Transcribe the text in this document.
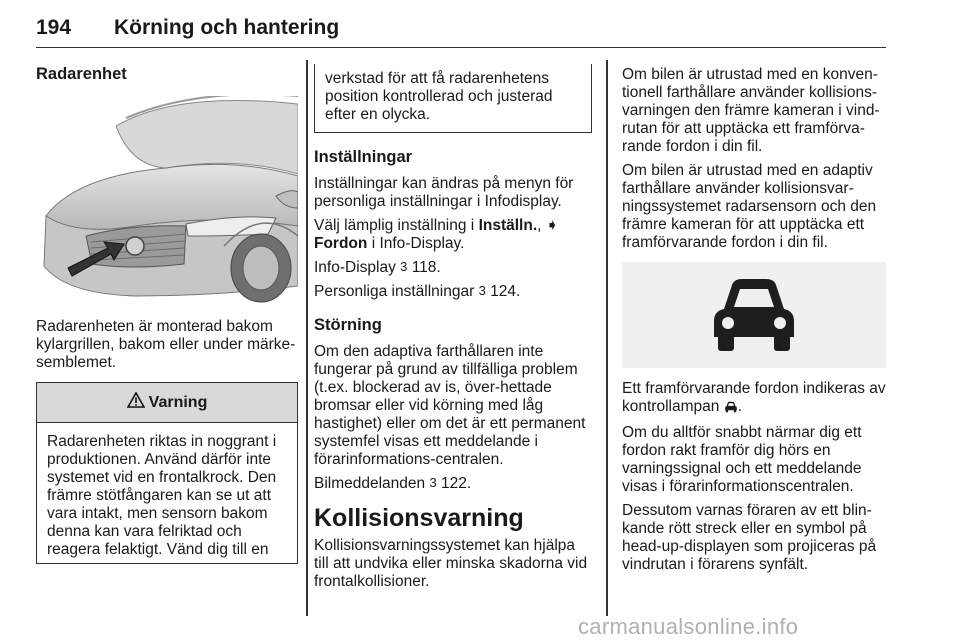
194 Körning och hantering
Radarenhet

Radarenheten är monterad bakom kylargrillen, bakom eller under märke-semblemet.

Varning

Radarenheten riktas in noggrant i produktionen. Använd därför inte systemet vid en frontalkrock. Den främre stötfångaren kan se ut att vara intakt, men sensorn bakom denna kan vara felriktad och reagera felaktigt. Vänd dig till en

verkstad för att få radarenhetens position kontrollerad och justerad efter en olycka.

Inställningar

Inställningar kan ändras på menyn för personliga inställningar i Infodisplay.

Välj lämplig inställning i Inställn., ➧ Fordon i Info-Display.

Info-Display 3 118.

Personliga inställningar 3 124.

Störning

Om den adaptiva farthållaren inte fungerar på grund av tillfälliga problem (t.ex. blockerad av is, över-hettade bromsar eller vid körning med låg hastighet) eller om det är ett permanent systemfel visas ett meddelande i förarinformations-centralen.

Bilmeddelanden 3 122.

Kollisionsvarning

Kollisionsvarningssystemet kan hjälpa till att undvika eller minska skadorna vid frontalkollisioner.

Om bilen är utrustad med en konven-tionell farthållare använder kollisions-varningen den främre kameran i vind-rutan för att upptäcka ett framförva-rande fordon i din fil.

Om bilen är utrustad med en adaptiv farthållare använder kollisionsvar-ningssystemet radarsensorn och den främre kameran för att upptäcka ett framförvarande fordon i din fil.

Ett framförvarande fordon indikeras av kontrollampan .

Om du alltför snabbt närmar dig ett fordon rakt framför dig hörs en varningssignal och ett meddelande visas i förarinformationscentralen.

Dessutom varnas föraren av ett blin-kande rött streck eller en symbol på head-up-displayen som projiceras på vindrutan i förarens synfält.

carmanualsonline.info
